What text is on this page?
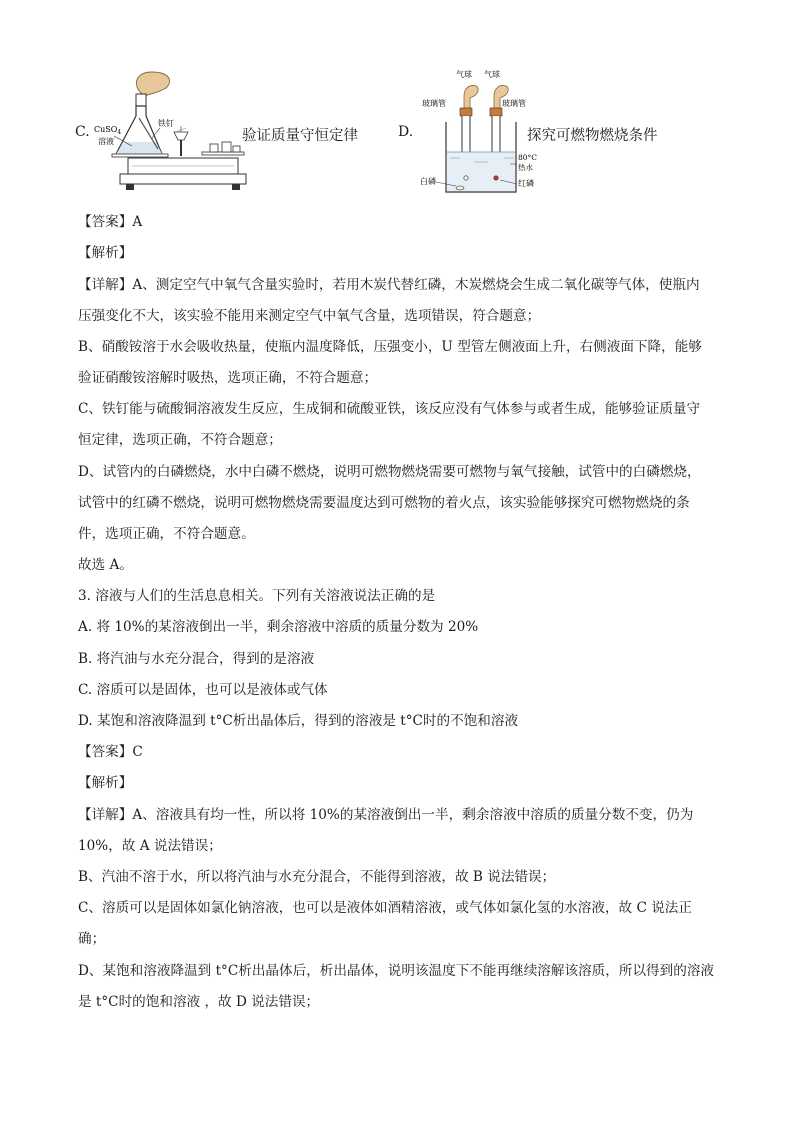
C. CuSO$_4$
溶液
铁钉
验证质量守恒定律	D.
气球 气球
玻璃管	玻璃管
80°C
热水
白磷	红磷
探究可燃物燃烧条件
【答案】A
【解析】
【详解】A、测定空气中氧气含量实验时，若用木炭代替红磷，木炭燃烧会生成二氧化碳等气体，使瓶内
压强变化不大，该实验不能用来测定空气中氧气含量，选项错误，符合题意；
B、硝酸铵溶于水会吸收热量，使瓶内温度降低，压强变小，U 型管左侧液面上升，右侧液面下降，能够
验证硝酸铵溶解时吸热，选项正确，不符合题意；
C、铁钉能与硫酸铜溶液发生反应，生成铜和硫酸亚铁，该反应没有气体参与或者生成，能够验证质量守
恒定律，选项正确，不符合题意；
D、试管内的白磷燃烧，水中白磷不燃烧，说明可燃物燃烧需要可燃物与氧气接触，试管中的白磷燃烧，
试管中的红磷不燃烧，说明可燃物燃烧需要温度达到可燃物的着火点，该实验能够探究可燃物燃烧的条
件，选项正确，不符合题意。
故选 A。
3. 溶液与人们的生活息息相关。下列有关溶液说法正确的是
A. 将 10%的某溶液倒出一半，剩余溶液中溶质的质量分数为 20%
B. 将汽油与水充分混合，得到的是溶液
C. 溶质可以是固体，也可以是液体或气体
D. 某饱和溶液降温到 t°C析出晶体后，得到的溶液是 t°C时的不饱和溶液
【答案】C
【解析】
【详解】A、溶液具有均一性，所以将 10%的某溶液倒出一半，剩余溶液中溶质的质量分数不变，仍为
10%，故 A 说法错误；
B、汽油不溶于水，所以将汽油与水充分混合，不能得到溶液，故 B 说法错误；
C、溶质可以是固体如氯化钠溶液，也可以是液体如酒精溶液，或气体如氯化氢的水溶液，故 C 说法正
确；
D、某饱和溶液降温到 t°C析出晶体后，析出晶体，说明该温度下不能再继续溶解该溶质，所以得到的溶液
是 t°C时的饱和溶液 ，故 D 说法错误；
